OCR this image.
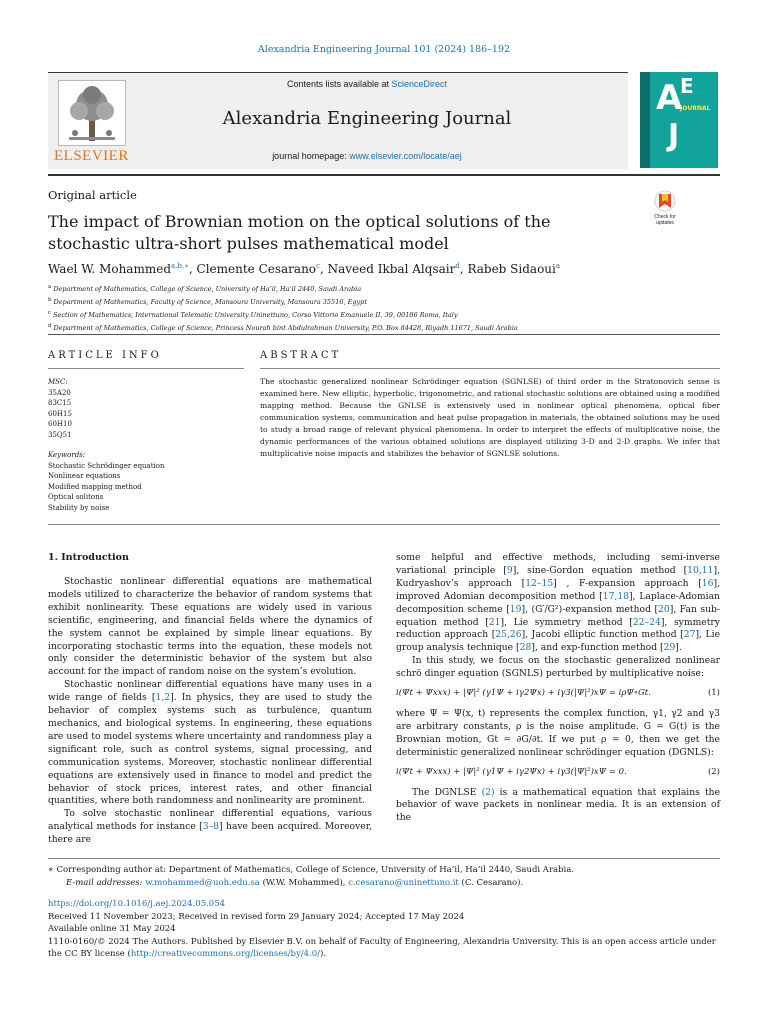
Alexandria Engineering Journal 101 (2024) 186–192
ELSEVIER
Contents lists available at ScienceDirect
Alexandria Engineering Journal
journal homepage: www.elsevier.com/locate/aej
A
E
JOURNAL
J
Original article
The impact of Brownian motion on the optical solutions of the stochastic ultra-short pulses mathematical model
Check for
updates
Wael W. Mohammed$^{a,b,∗}$, Clemente Cesarano$^c$, Naveed Ikbal Alqsair$^d$, Rabeb Sidaoui$^a$
$^a$ Department of Mathematics, College of Science, University of Ha’il, Ha’il 2440, Saudi Arabia
$^b$ Department of Mathematics, Faculty of Science, Mansoura University, Mansoura 35516, Egypt
$^c$ Section of Mathematics, International Telematic University Uninettuno, Corso Vittorio Emanuele II, 39, 00186 Roma, Italy
$^d$ Department of Mathematics, College of Science, Princess Nourah bint Abdulrahman University, P.O. Box 84428, Riyadh 11671, Saudi Arabia
ARTICLE INFO	ABSTRACT
MSC:
35A20
83C15
60H15
60H10
35Q51
Keywords:
Stochastic Schrödinger equation
Nonlinear equations
Modified mapping method
Optical solitons
Stability by noise
The stochastic generalized nonlinear Schrödinger equation (SGNLSE) of third order in the Stratonovich sense is examined here. New elliptic, hyperbolic, trigonometric, and rational stochastic solutions are obtained using a modified mapping method. Because the GNLSE is extensively used in nonlinear optical phenomena, optical fiber communication systems, communication and heat pulse propagation in materials, the obtained solutions may be used to study a broad range of relevant physical phenomena. In order to interpret the effects of multiplicative noise, the dynamic performances of the various obtained solutions are displayed utilizing 3-D and 2-D graphs. We infer that multiplicative noise impacts and stabilizes the behavior of SGNLSE solutions.
1. Introduction

Stochastic nonlinear differential equations are mathematical models utilized to characterize the behavior of random systems that exhibit nonlinearity. These equations are widely used in various scientific, engineering, and financial fields where the dynamics of the system cannot be explained by simple linear equations. By incorporating stochastic terms into the equation, these models not only consider the deterministic behavior of the system but also account for the impact of random noise on the system’s evolution.

Stochastic nonlinear differential equations have many uses in a wide range of fields [1,2]. In physics, they are used to study the behavior of complex systems such as turbulence, quantum mechanics, and biological systems. In engineering, these equations are used to model systems where uncertainty and randomness play a significant role, such as control systems, signal processing, and communication systems. Moreover, stochastic nonlinear differential equations are extensively used in finance to model and predict the behavior of stock prices, interest rates, and other financial quantities, where both randomness and nonlinearity are prominent.

To solve stochastic nonlinear differential equations, various analytical methods for instance [3–8] have been acquired. Moreover, there are

some helpful and effective methods, including semi-inverse variational principle [9], sine-Gordon equation method [10,11], Kudryashov’s approach [12–15] , F-expansion approach [16], improved Adomian decomposition method [17,18], Laplace-Adomian decomposition scheme [19], (G′/G²)-expansion method [20], Fan sub-equation method [21], Lie symmetry method [22–24], symmetry reduction approach [25,26], Jacobi elliptic function method [27], Lie group analysis technique [28], and exp-function method [29].

In this study, we focus on the stochastic generalized nonlinear schrö dinger equation (SGNLS) perturbed by multiplicative noise:

i(Ψt + Ψxxx) + |Ψ|² (γ1Ψ + iγ2Ψx) + iγ3(|Ψ|²)xΨ = iρΨ∘Gt.	(1)

where Ψ = Ψ(x, t) represents the complex function, γ1, γ2 and γ3 are arbitrary constants, ρ is the noise amplitude. G = G(t) is the Brownian motion, Gt = ∂G/∂t. If we put ρ = 0, then we get the deterministic generalized nonlinear schrödinger equation (DGNLS):

i(Ψt + Ψxxx) + |Ψ|² (γ1Ψ + iγ2Ψx) + iγ3(|Ψ|²)xΨ = 0.	(2)

The DGNLSE (2) is a mathematical equation that explains the behavior of wave packets in nonlinear media. It is an extension of the

∗ Corresponding author at: Department of Mathematics, College of Science, University of Ha’il, Ha’il 2440, Saudi Arabia.
E-mail addresses: w.mohammed@uoh.edu.sa (W.W. Mohammed), c.cesarano@uninettuno.it (C. Cesarano).
https://doi.org/10.1016/j.aej.2024.05.054
Received 11 November 2023; Received in revised form 29 January 2024; Accepted 17 May 2024
Available online 31 May 2024
1110-0160/© 2024 The Authors. Published by Elsevier B.V. on behalf of Faculty of Engineering, Alexandria University. This is an open access article under the CC BY license (http://creativecommons.org/licenses/by/4.0/).
